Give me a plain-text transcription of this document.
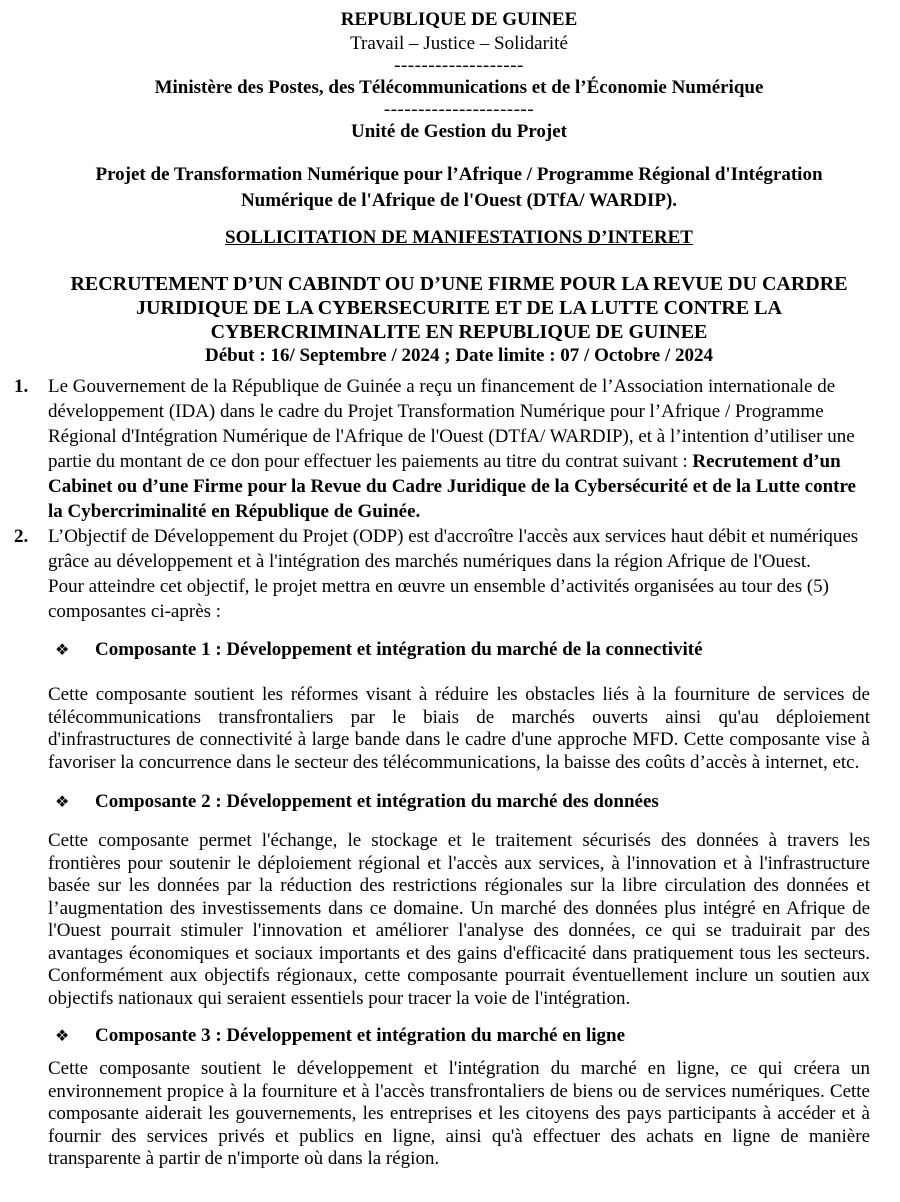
REPUBLIQUE DE GUINEE
Travail – Justice – Solidarité
-------------------
Ministère des Postes, des Télécommunications et de l’Économie Numérique
----------------------
Unité de Gestion du Projet
Projet de Transformation Numérique pour l’Afrique / Programme Régional d'Intégration Numérique de l'Afrique de l'Ouest (DTfA/ WARDIP).
SOLLICITATION DE MANIFESTATIONS D’INTERET
RECRUTEMENT D’UN CABINDT OU D’UNE FIRME POUR LA REVUE DU CARDRE JURIDIQUE DE LA CYBERSECURITE ET DE LA LUTTE CONTRE LA CYBERCRIMINALITE EN REPUBLIQUE DE GUINEE
Début : 16/ Septembre / 2024 ; Date limite : 07 / Octobre / 2024
1. Le Gouvernement de la République de Guinée a reçu un financement de l’Association internationale de développement (IDA) dans le cadre du Projet Transformation Numérique pour l’Afrique / Programme Régional d'Intégration Numérique de l'Afrique de l'Ouest (DTfA/ WARDIP), et à l’intention d’utiliser une partie du montant de ce don pour effectuer les paiements au titre du contrat suivant : Recrutement d’un Cabinet ou d’une Firme pour la Revue du Cadre Juridique de la Cybersécurité et de la Lutte contre la Cybercriminalité en République de Guinée.
2. L’Objectif de Développement du Projet (ODP) est d'accroître l'accès aux services haut débit et numériques grâce au développement et à l'intégration des marchés numériques dans la région Afrique de l'Ouest.
Pour atteindre cet objectif, le projet mettra en œuvre un ensemble d’activités organisées au tour des (5) composantes ci-après :
❖	Composante 1 : Développement et intégration du marché de la connectivité
Cette composante soutient les réformes visant à réduire les obstacles liés à la fourniture de services de télécommunications transfrontaliers par le biais de marchés ouverts ainsi qu'au déploiement d'infrastructures de connectivité à large bande dans le cadre d'une approche MFD. Cette composante vise à favoriser la concurrence dans le secteur des télécommunications, la baisse des coûts d’accès à internet, etc.
❖	Composante 2 : Développement et intégration du marché des données
Cette composante permet l'échange, le stockage et le traitement sécurisés des données à travers les frontières pour soutenir le déploiement régional et l'accès aux services, à l'innovation et à l'infrastructure basée sur les données par la réduction des restrictions régionales sur la libre circulation des données et l’augmentation des investissements dans ce domaine. Un marché des données plus intégré en Afrique de l'Ouest pourrait stimuler l'innovation et améliorer l'analyse des données, ce qui se traduirait par des avantages économiques et sociaux importants et des gains d'efficacité dans pratiquement tous les secteurs. Conformément aux objectifs régionaux, cette composante pourrait éventuellement inclure un soutien aux objectifs nationaux qui seraient essentiels pour tracer la voie de l'intégration.
❖	Composante 3 : Développement et intégration du marché en ligne
Cette composante soutient le développement et l'intégration du marché en ligne, ce qui créera un environnement propice à la fourniture et à l'accès transfrontaliers de biens ou de services numériques. Cette composante aiderait les gouvernements, les entreprises et les citoyens des pays participants à accéder et à fournir des services privés et publics en ligne, ainsi qu'à effectuer des achats en ligne de manière transparente à partir de n'importe où dans la région.
